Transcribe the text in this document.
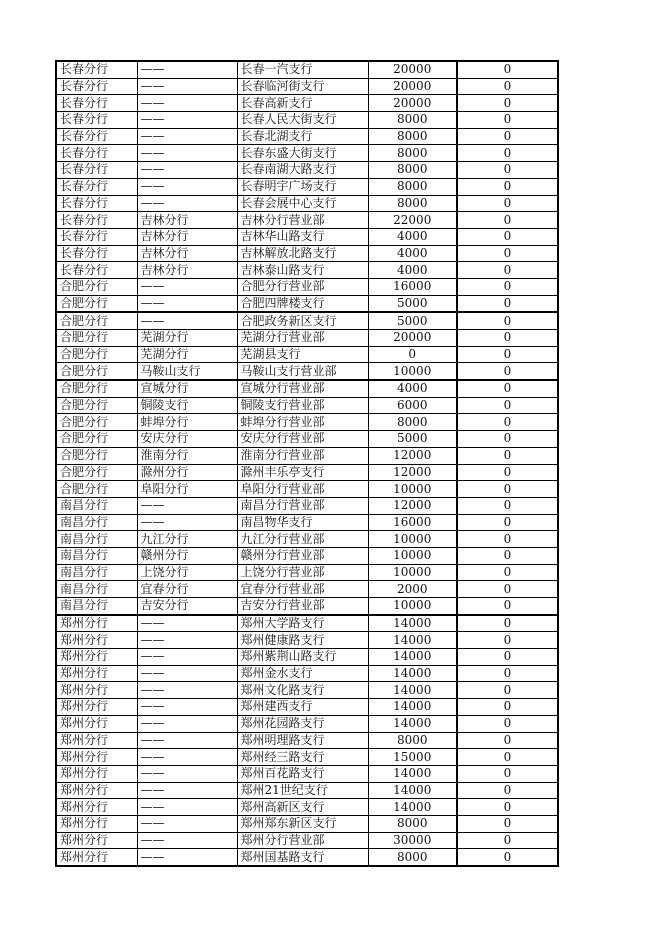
长春分行	——	长春一汽支行	20000	0
长春分行	——	长春临河街支行	20000	0
长春分行	——	长春高新支行	20000	0
长春分行	——	长春人民大街支行	8000	0
长春分行	——	长春北湖支行	8000	0
长春分行	——	长春东盛大街支行	8000	0
长春分行	——	长春南湖大路支行	8000	0
长春分行	——	长春明宇广场支行	8000	0
长春分行	——	长春会展中心支行	8000	0
长春分行	吉林分行	吉林分行营业部	22000	0
长春分行	吉林分行	吉林华山路支行	4000	0
长春分行	吉林分行	吉林解放北路支行	4000	0
长春分行	吉林分行	吉林泰山路支行	4000	0
合肥分行	——	合肥分行营业部	16000	0
合肥分行	——	合肥四牌楼支行	5000	0
合肥分行	——	合肥政务新区支行	5000	0
合肥分行	芜湖分行	芜湖分行营业部	20000	0
合肥分行	芜湖分行	芜湖县支行	0	0
合肥分行	马鞍山支行	马鞍山支行营业部	10000	0
合肥分行	宣城分行	宣城分行营业部	4000	0
合肥分行	铜陵支行	铜陵支行营业部	6000	0
合肥分行	蚌埠分行	蚌埠分行营业部	8000	0
合肥分行	安庆分行	安庆分行营业部	5000	0
合肥分行	淮南分行	淮南分行营业部	12000	0
合肥分行	滁州分行	滁州丰乐亭支行	12000	0
合肥分行	阜阳分行	阜阳分行营业部	10000	0
南昌分行	——	南昌分行营业部	12000	0
南昌分行	——	南昌物华支行	16000	0
南昌分行	九江分行	九江分行营业部	10000	0
南昌分行	赣州分行	赣州分行营业部	10000	0
南昌分行	上饶分行	上饶分行营业部	10000	0
南昌分行	宜春分行	宜春分行营业部	2000	0
南昌分行	吉安分行	吉安分行营业部	10000	0
郑州分行	——	郑州大学路支行	14000	0
郑州分行	——	郑州健康路支行	14000	0
郑州分行	——	郑州紫荆山路支行	14000	0
郑州分行	——	郑州金水支行	14000	0
郑州分行	——	郑州文化路支行	14000	0
郑州分行	——	郑州建西支行	14000	0
郑州分行	——	郑州花园路支行	14000	0
郑州分行	——	郑州明理路支行	8000	0
郑州分行	——	郑州经三路支行	15000	0
郑州分行	——	郑州百花路支行	14000	0
郑州分行	——	郑州21世纪支行	14000	0
郑州分行	——	郑州高新区支行	14000	0
郑州分行	——	郑州郑东新区支行	8000	0
郑州分行	——	郑州分行营业部	30000	0
郑州分行	——	郑州国基路支行	8000	0
